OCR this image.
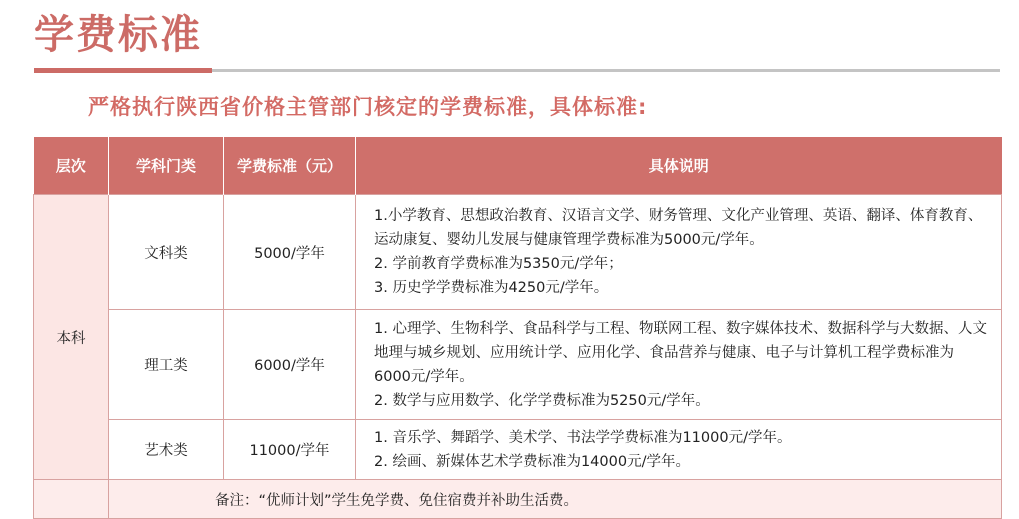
学费标准
严格执行陕西省价格主管部门核定的学费标准，具体标准:
层次	学科门类	学费标准（元）	具体说明
本科	文科类	5000/学年	1.小学教育、思想政治教育、汉语言文学、财务管理、文化产业管理、英语、翻译、体育教育、运动康复、婴幼儿发展与健康管理学费标准为5000元/学年。
2. 学前教育学费标准为5350元/学年；
3. 历史学学费标准为4250元/学年。

	理工类	6000/学年	1. 心理学、生物科学、食品科学与工程、物联网工程、数字媒体技术、数据科学与大数据、人文地理与城乡规划、应用统计学、应用化学、食品营养与健康、电子与计算机工程学费标准为6000元/学年。
2. 数学与应用数学、化学学费标准为5250元/学年。

	艺术类	11000/学年	1. 音乐学、舞蹈学、美术学、书法学学费标准为11000元/学年。
2. 绘画、新媒体艺术学费标准为14000元/学年。

	备注：“优师计划”学生免学费、免住宿费并补助生活费。		
